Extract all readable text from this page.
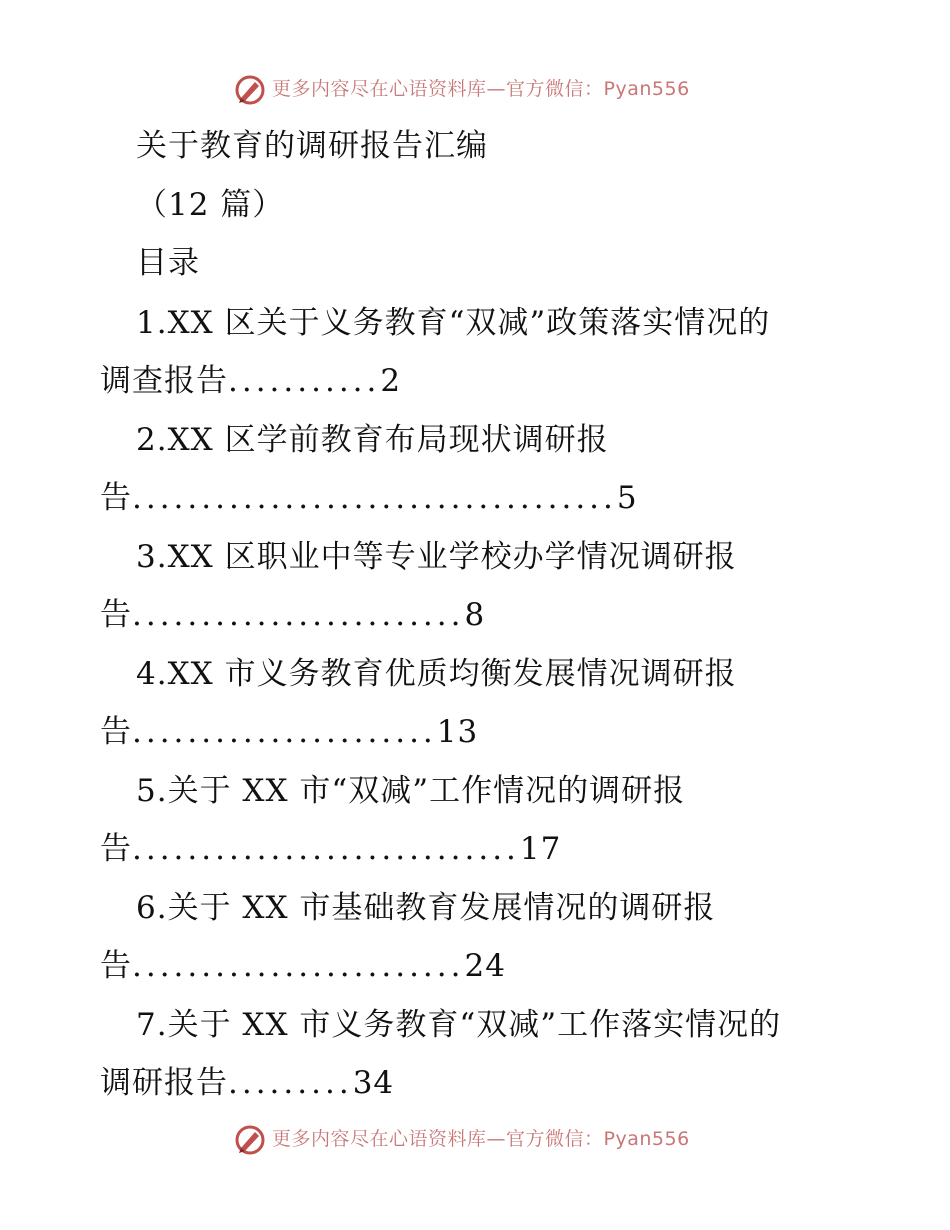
更多内容尽在心语资料库—官方微信：Pyan556
关于教育的调研报告汇编
（12 篇）
目录
1.XX 区关于义务教育“双减”政策落实情况的
调查报告...........2
2.XX 区学前教育布局现状调研报
告...................................5
3.XX 区职业中等专业学校办学情况调研报
告........................8
4.XX 市义务教育优质均衡发展情况调研报
告......................13
5.关于 XX 市“双减”工作情况的调研报
告............................17
6.关于 XX 市基础教育发展情况的调研报
告........................24
7.关于 XX 市义务教育“双减”工作落实情况的
调研报告.........34
更多内容尽在心语资料库—官方微信：Pyan556
